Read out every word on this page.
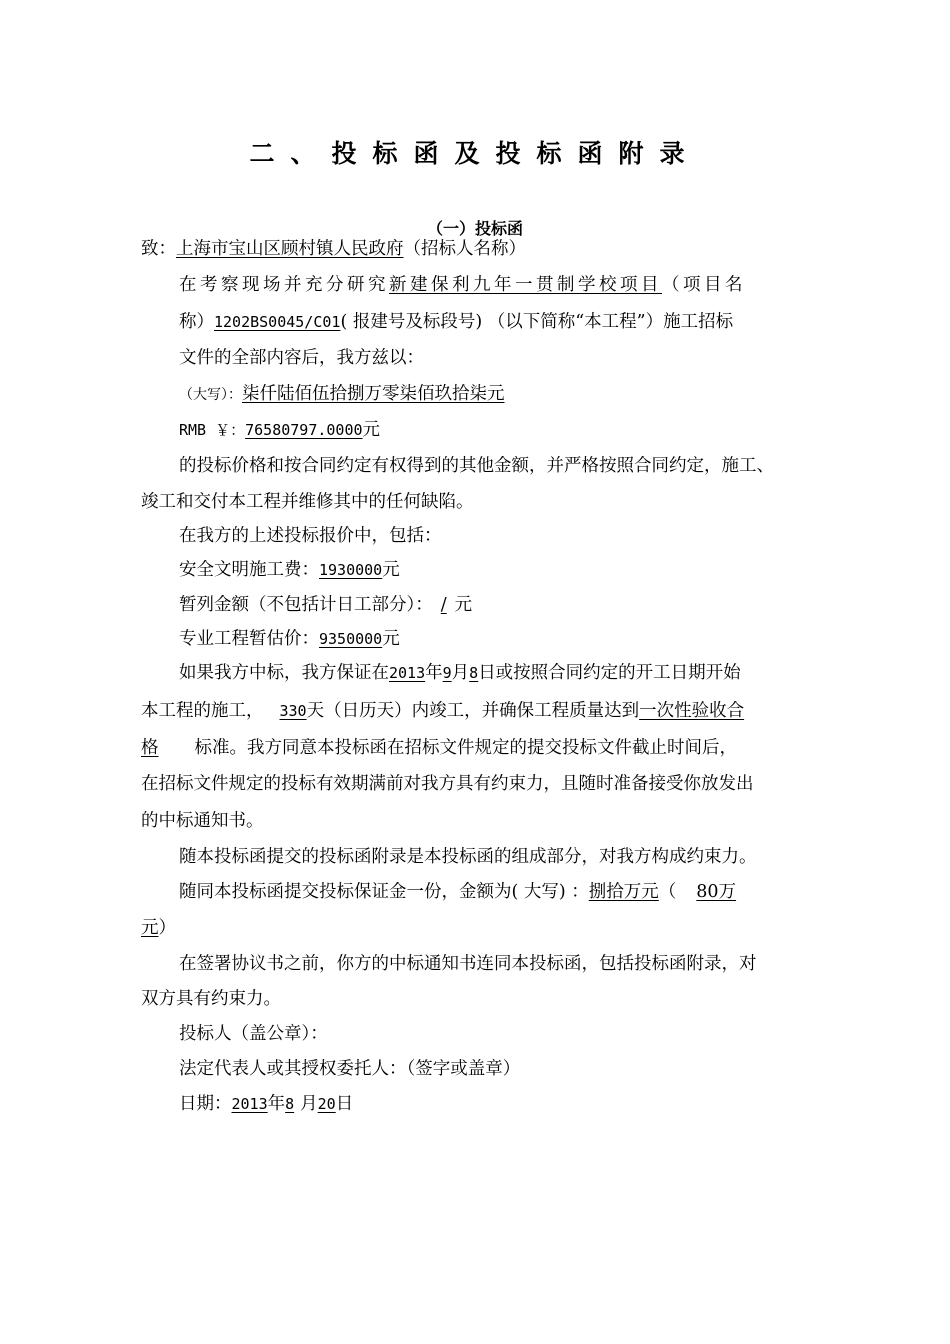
二、投标函及投标函附录
（一）投标函
致：上海市宝山区顾村镇人民政府（招标人名称）
在考察现场并充分研究新建保利九年一贯制学校项目（项目名
称）1202BS0045/C01( 报建号及标段号) （以下简称“本工程”）施工招标
文件的全部内容后，我方兹以：
（大写）：柒仟陆佰伍拾捌万零柒佰玖拾柒元
RMB ￥：76580797.0000元
的投标价格和按合同约定有权得到的其他金额，并严格按照合同约定，施工、
竣工和交付本工程并维修其中的任何缺陷。
在我方的上述投标报价中，包括：
安全文明施工费：1930000元
暂列金额（不包括计日工部分）： / 元
专业工程暂估价：9350000元
如果我方中标，我方保证在2013年9月8日或按照合同约定的开工日期开始
本工程的施工， 330天（日历天）内竣工，并确保工程质量达到一次性验收合
格 标准。我方同意本投标函在招标文件规定的提交投标文件截止时间后，
在招标文件规定的投标有效期满前对我方具有约束力，且随时准备接受你放发出
的中标通知书。
随本投标函提交的投标函附录是本投标函的组成部分，对我方构成约束力。
随同本投标函提交投标保证金一份，金额为( 大写) ：捌拾万元（ 80万
元）
在签署协议书之前，你方的中标通知书连同本投标函，包括投标函附录，对
双方具有约束力。
投标人（盖公章）：
法定代表人或其授权委托人：（签字或盖章）
日期：2013年8 月20日
